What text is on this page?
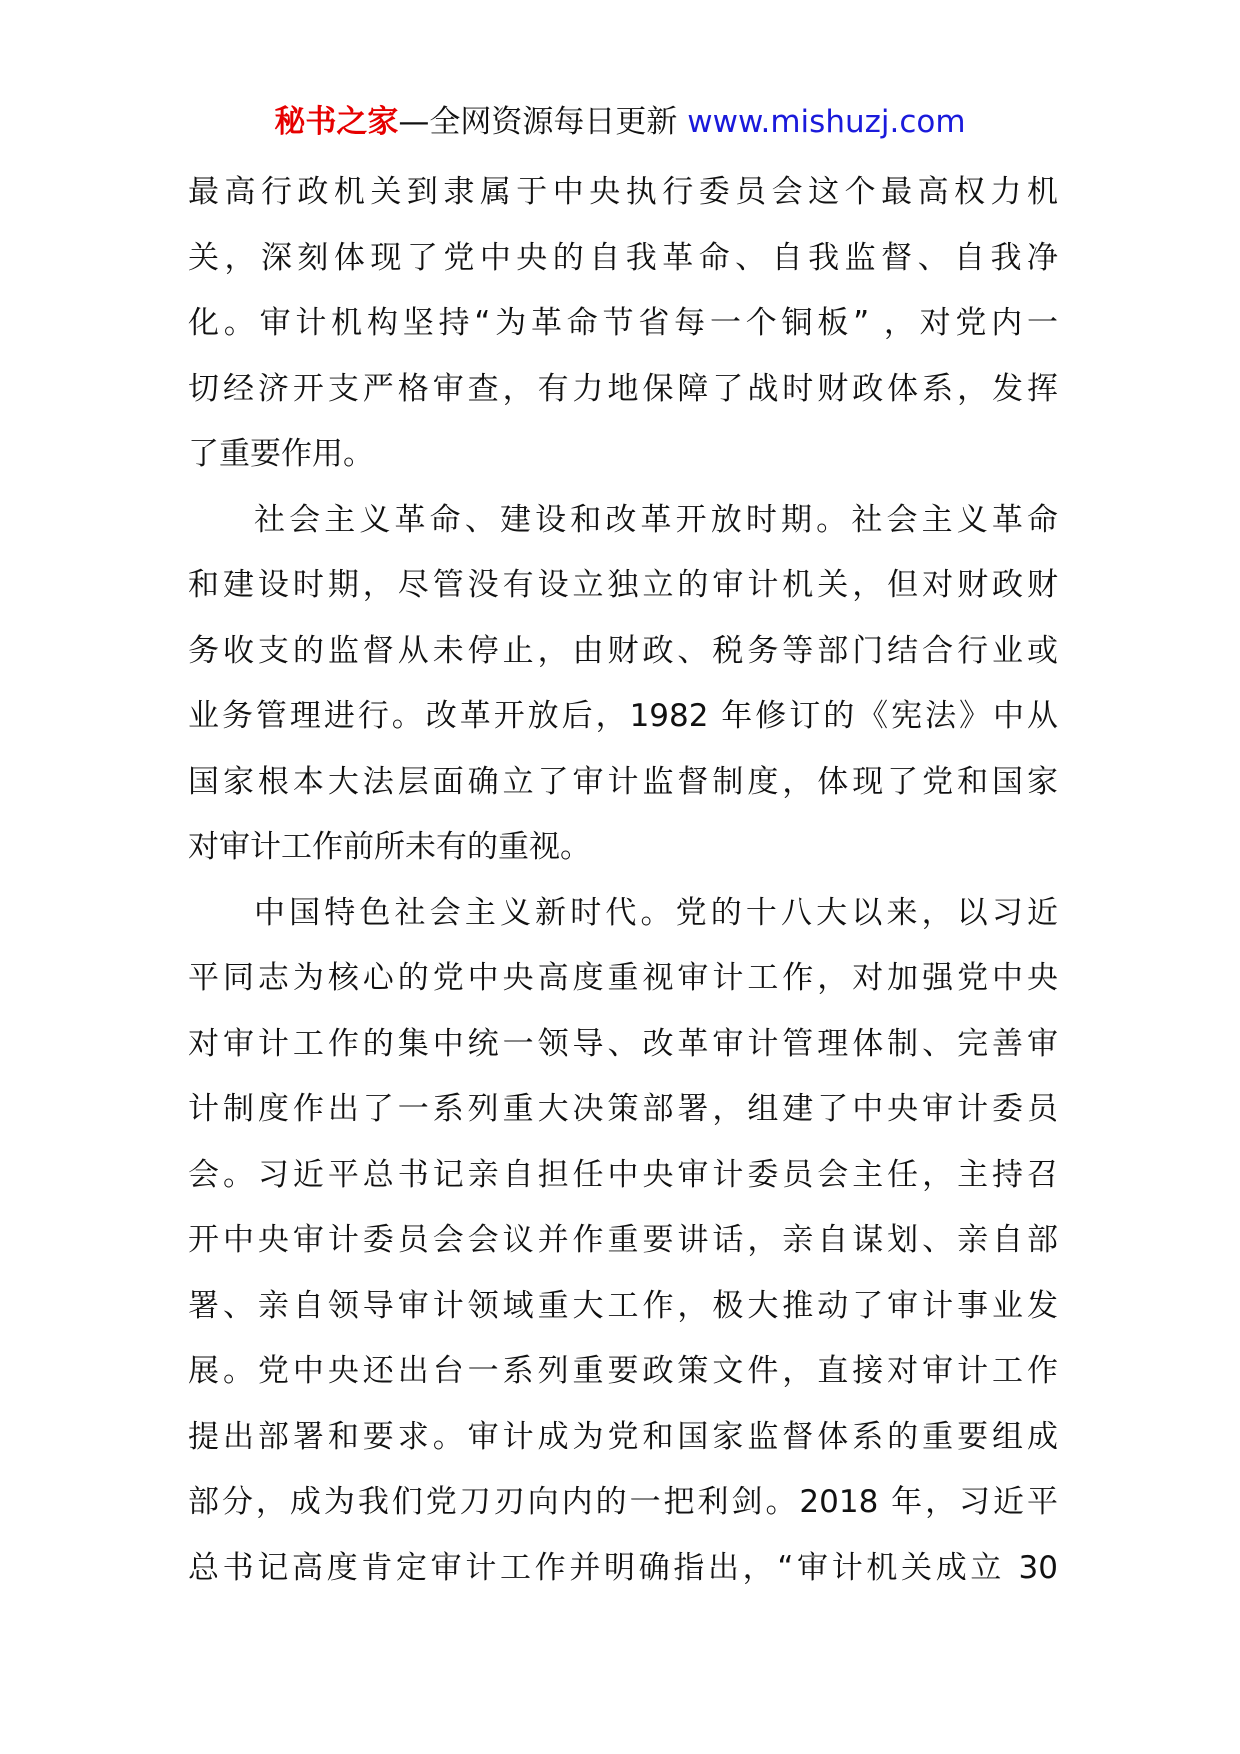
秘书之家—全网资源每日更新 www.mishuzj.com
最高行政机关到隶属于中央执行委员会这个最高权力机
关，深刻体现了党中央的自我革命、自我监督、自我净
化。审计机构坚持“为革命节省每一个铜板” ，对党内一
切经济开支严格审查，有力地保障了战时财政体系，发挥
了重要作用。
社会主义革命、建设和改革开放时期。社会主义革命
和建设时期，尽管没有设立独立的审计机关，但对财政财
务收支的监督从未停止，由财政、税务等部门结合行业或
业务管理进行。改革开放后，1982 年修订的《宪法》中从
国家根本大法层面确立了审计监督制度，体现了党和国家
对审计工作前所未有的重视。
中国特色社会主义新时代。党的十八大以来，以习近
平同志为核心的党中央高度重视审计工作，对加强党中央
对审计工作的集中统一领导、改革审计管理体制、完善审
计制度作出了一系列重大决策部署，组建了中央审计委员
会。习近平总书记亲自担任中央审计委员会主任，主持召
开中央审计委员会会议并作重要讲话，亲自谋划、亲自部
署、亲自领导审计领域重大工作，极大推动了审计事业发
展。党中央还出台一系列重要政策文件，直接对审计工作
提出部署和要求。审计成为党和国家监督体系的重要组成
部分，成为我们党刀刃向内的一把利剑。2018 年，习近平
总书记高度肯定审计工作并明确指出，“审计机关成立 30
